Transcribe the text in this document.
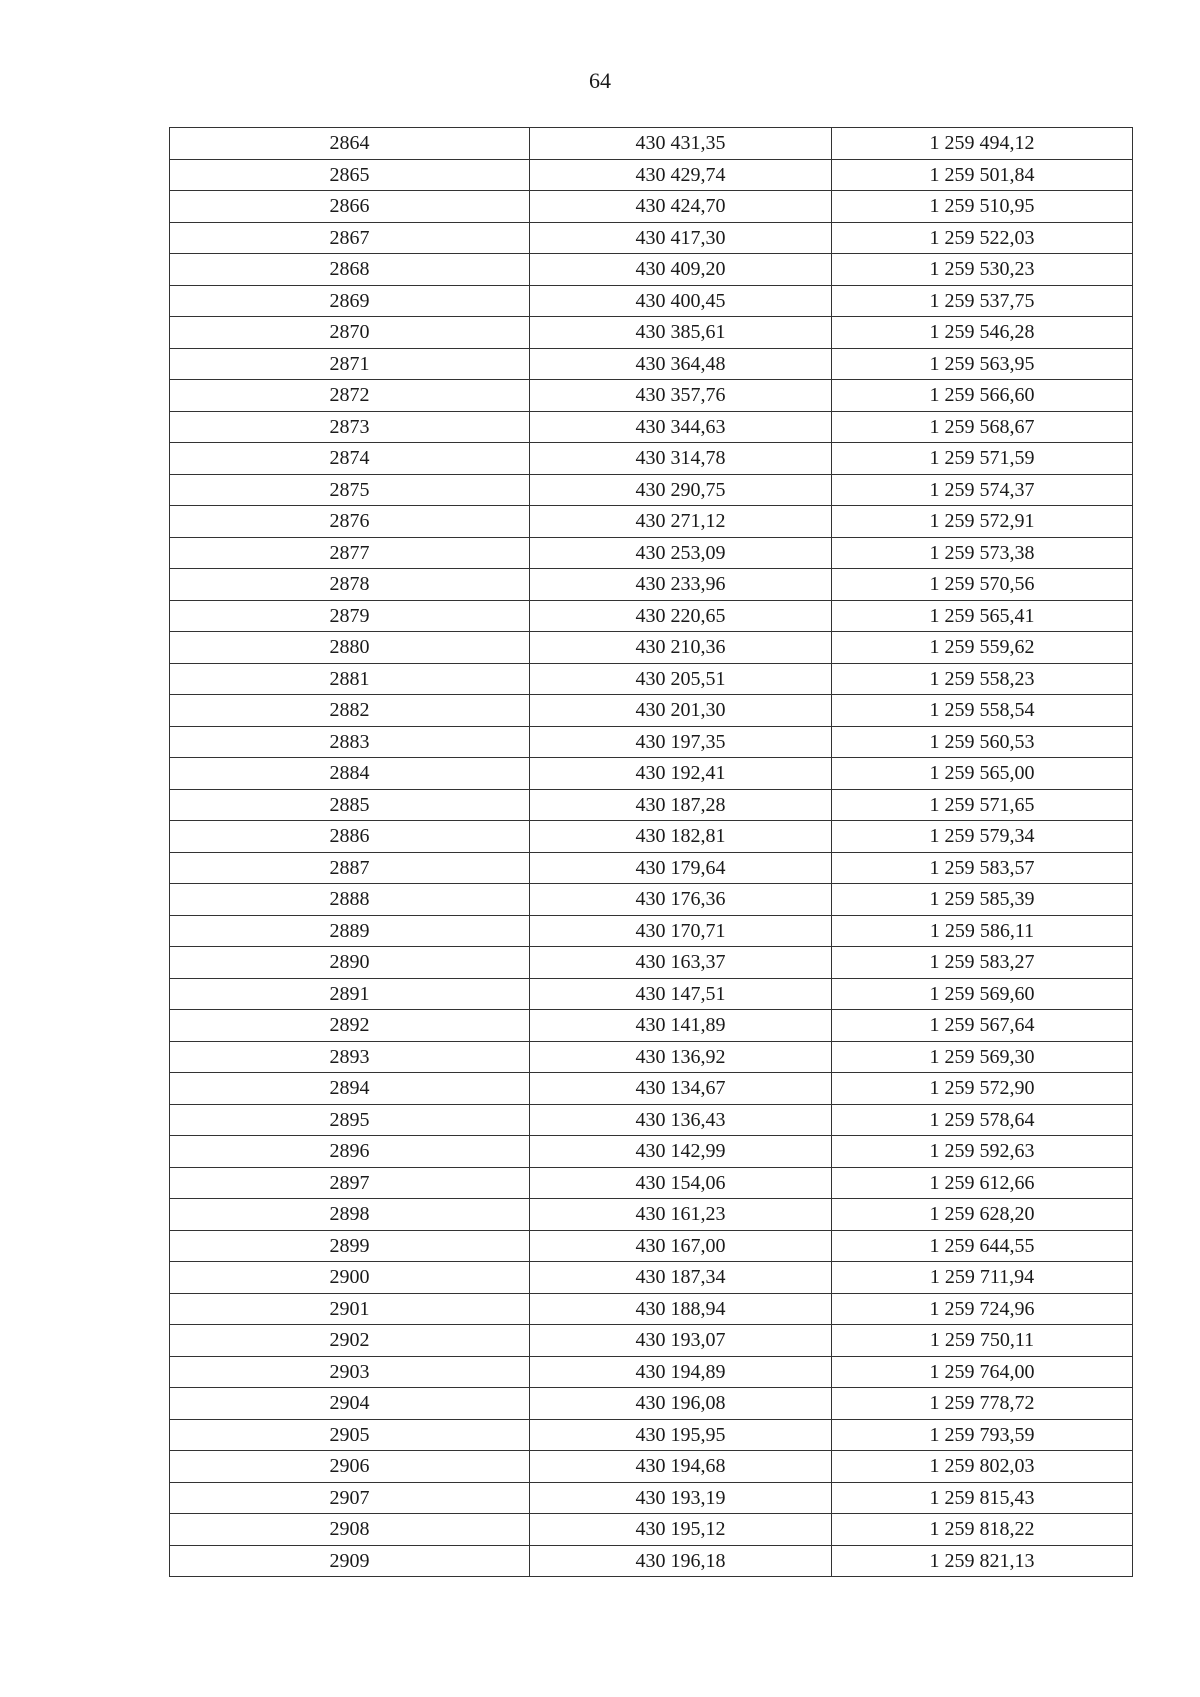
64
2864	430 431,35	1 259 494,12
2865	430 429,74	1 259 501,84
2866	430 424,70	1 259 510,95
2867	430 417,30	1 259 522,03
2868	430 409,20	1 259 530,23
2869	430 400,45	1 259 537,75
2870	430 385,61	1 259 546,28
2871	430 364,48	1 259 563,95
2872	430 357,76	1 259 566,60
2873	430 344,63	1 259 568,67
2874	430 314,78	1 259 571,59
2875	430 290,75	1 259 574,37
2876	430 271,12	1 259 572,91
2877	430 253,09	1 259 573,38
2878	430 233,96	1 259 570,56
2879	430 220,65	1 259 565,41
2880	430 210,36	1 259 559,62
2881	430 205,51	1 259 558,23
2882	430 201,30	1 259 558,54
2883	430 197,35	1 259 560,53
2884	430 192,41	1 259 565,00
2885	430 187,28	1 259 571,65
2886	430 182,81	1 259 579,34
2887	430 179,64	1 259 583,57
2888	430 176,36	1 259 585,39
2889	430 170,71	1 259 586,11
2890	430 163,37	1 259 583,27
2891	430 147,51	1 259 569,60
2892	430 141,89	1 259 567,64
2893	430 136,92	1 259 569,30
2894	430 134,67	1 259 572,90
2895	430 136,43	1 259 578,64
2896	430 142,99	1 259 592,63
2897	430 154,06	1 259 612,66
2898	430 161,23	1 259 628,20
2899	430 167,00	1 259 644,55
2900	430 187,34	1 259 711,94
2901	430 188,94	1 259 724,96
2902	430 193,07	1 259 750,11
2903	430 194,89	1 259 764,00
2904	430 196,08	1 259 778,72
2905	430 195,95	1 259 793,59
2906	430 194,68	1 259 802,03
2907	430 193,19	1 259 815,43
2908	430 195,12	1 259 818,22
2909	430 196,18	1 259 821,13
